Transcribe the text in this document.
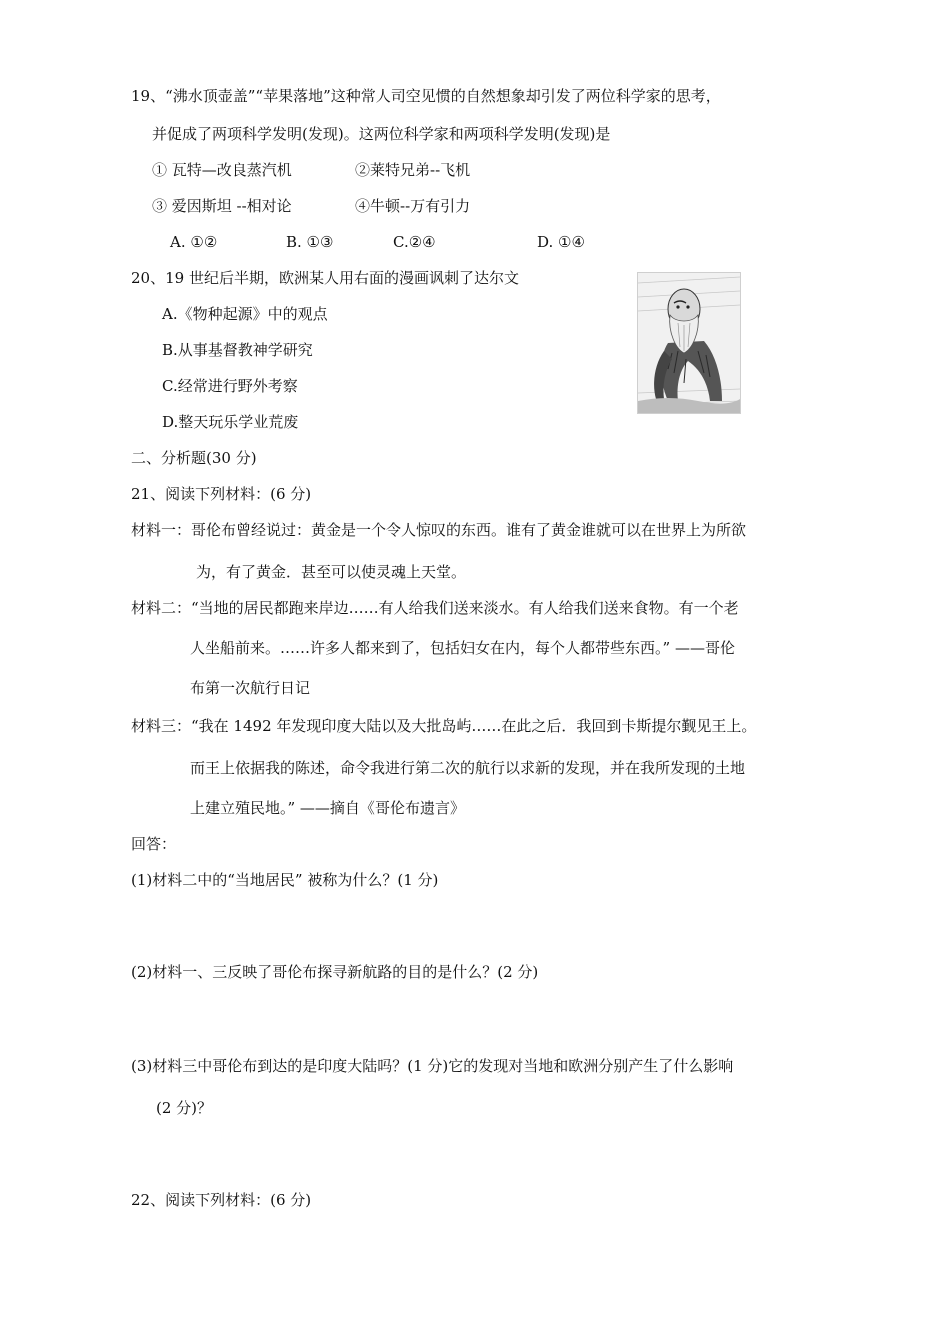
19、“沸水顶壶盖”“苹果落地”这种常人司空见惯的自然想象却引发了两位科学家的思考，
并促成了两项科学发明(发现)。这两位科学家和两项科学发明(发现)是
① 瓦特—改良蒸汽机	②莱特兄弟--飞机
③ 爱因斯坦 --相对论	④牛顿--万有引力
A. ①②	B. ①③	C.②④	D. ①④
20、19 世纪后半期，欧洲某人用右面的漫画讽刺了达尔文
A.《物种起源》中的观点
B.从事基督教神学研究
C.经常进行野外考察
D.整天玩乐学业荒废
二、分析题(30 分)
21、阅读下列材料：(6 分)
材料一：哥伦布曾经说过：黄金是一个令人惊叹的东西。谁有了黄金谁就可以在世界上为所欲
为，有了黄金．甚至可以使灵魂上天堂。
材料二：“当地的居民都跑来岸边……有人给我们送来淡水。有人给我们送来食物。有一个老
人坐船前来。……许多人都来到了，包括妇女在内，每个人都带些东西。” ——哥伦
布第一次航行日记
材料三：“我在 1492 年发现印度大陆以及大批岛屿……在此之后．我回到卡斯提尔觐见王上。
而王上依据我的陈述，命令我进行第二次的航行以求新的发现，并在我所发现的土地
上建立殖民地。” ——摘自《哥伦布遗言》
回答：
(1)材料二中的“当地居民” 被称为什么？(1 分)
(2)材料一、三反映了哥伦布探寻新航路的目的是什么？(2 分)
(3)材料三中哥伦布到达的是印度大陆吗？(1 分)它的发现对当地和欧洲分别产生了什么影响
(2 分)？
22、阅读下列材料：(6 分)
